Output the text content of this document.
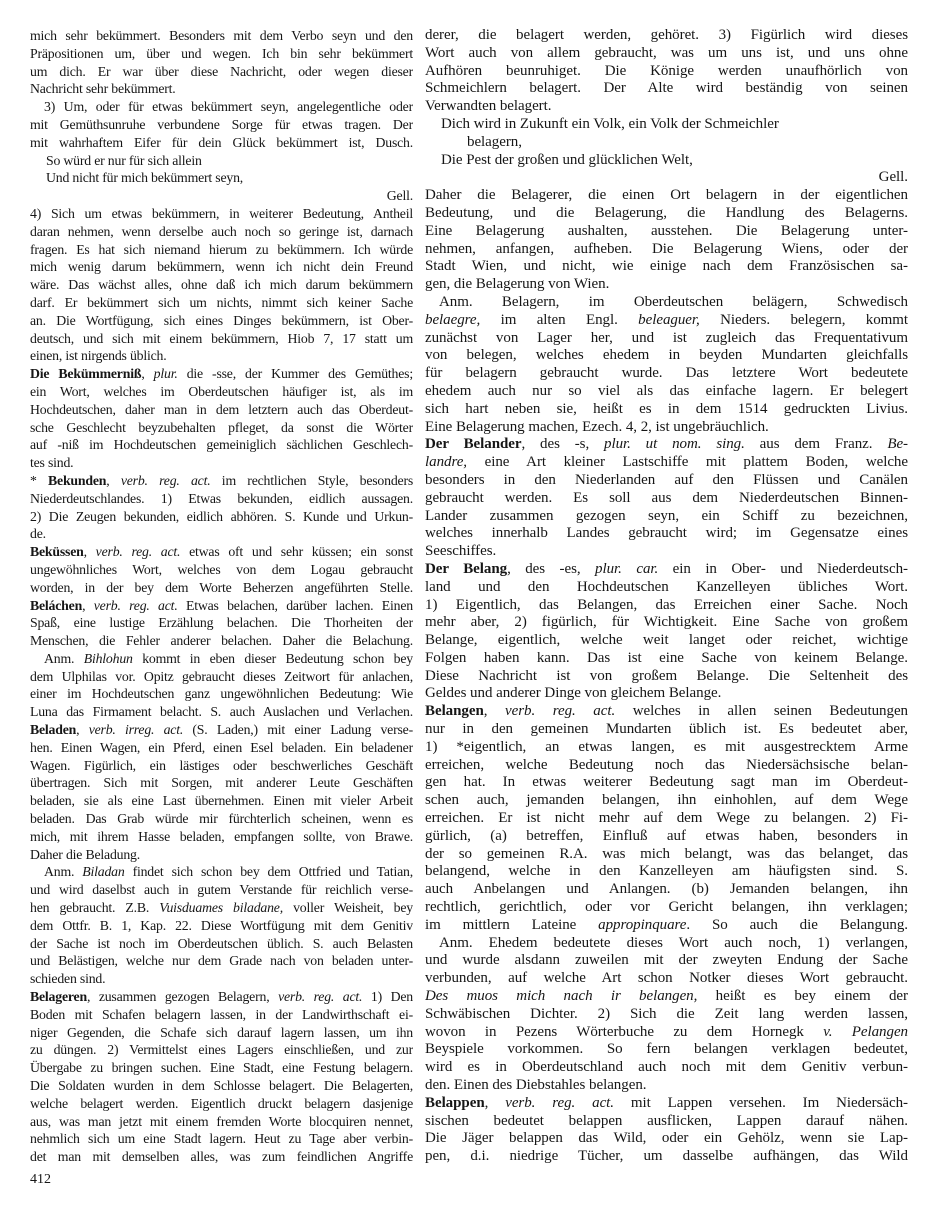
mich sehr bekümmert. Besonders mit dem Verbo seyn und den
Präpositionen um, über und wegen. Ich bin sehr bekümmert
um dich. Er war über diese Nachricht, oder wegen dieser
Nachricht sehr bekümmert.
3) Um, oder für etwas bekümmert seyn, angelegentliche oder
mit Gemüthsunruhe verbundene Sorge für etwas tragen. Der
mit wahrhaftem Eifer für dein Glück bekümmert ist, Dusch.
So würd er nur für sich allein
Und nicht für mich bekümmert seyn,
Gell.
4) Sich um etwas bekümmern, in weiterer Bedeutung, Antheil
daran nehmen, wenn derselbe auch noch so geringe ist, darnach
fragen. Es hat sich niemand hierum zu bekümmern. Ich würde
mich wenig darum bekümmern, wenn ich nicht dein Freund
wäre. Das wächst alles, ohne daß ich mich darum bekümmern
darf. Er bekümmert sich um nichts, nimmt sich keiner Sache
an. Die Wortfügung, sich eines Dinges bekümmern, ist Ober-
deutsch, und sich mit einem bekümmern, Hiob 7, 17 statt um
einen, ist nirgends üblich.
Die Bekümmerniß, plur. die -sse, der Kummer des Gemüthes;
ein Wort, welches im Oberdeutschen häufiger ist, als im
Hochdeutschen, daher man in dem letztern auch das Oberdeut-
sche Geschlecht beyzubehalten pfleget, da sonst die Wörter
auf -niß im Hochdeutschen gemeiniglich sächlichen Geschlech-
tes sind.
* Bekunden, verb. reg. act. im rechtlichen Style, besonders
Niederdeutschlandes. 1) Etwas bekunden, eidlich aussagen.
2) Die Zeugen bekunden, eidlich abhören. S. Kunde und Urkun-
de.
Beküssen, verb. reg. act. etwas oft und sehr küssen; ein sonst
ungewöhnliches Wort, welches von dem Logau gebraucht
worden, in der bey dem Worte Beherzen angeführten Stelle.
Beláchen, verb. reg. act. Etwas belachen, darüber lachen. Einen
Spaß, eine lustige Erzählung belachen. Die Thorheiten der
Menschen, die Fehler anderer belachen. Daher die Belachung.
Anm. Bihlohun kommt in eben dieser Bedeutung schon bey
dem Ulphilas vor. Opitz gebraucht dieses Zeitwort für anlachen,
einer im Hochdeutschen ganz ungewöhnlichen Bedeutung: Wie
Luna das Firmament belacht. S. auch Auslachen und Verlachen.
Beladen, verb. irreg. act. (S. Laden,) mit einer Ladung verse-
hen. Einen Wagen, ein Pferd, einen Esel beladen. Ein beladener
Wagen. Figürlich, ein lästiges oder beschwerliches Geschäft
übertragen. Sich mit Sorgen, mit anderer Leute Geschäften
beladen, sie als eine Last übernehmen. Einen mit vieler Arbeit
beladen. Das Grab würde mir fürchterlich scheinen, wenn es
mich, mit ihrem Hasse beladen, empfangen sollte, von Brawe.
Daher die Beladung.
Anm. Biladan findet sich schon bey dem Ottfried und Tatian,
und wird daselbst auch in gutem Verstande für reichlich verse-
hen gebraucht. Z.B. Vuisduames biladane, voller Weisheit, bey
dem Ottfr. B. 1, Kap. 22. Diese Wortfügung mit dem Genitiv
der Sache ist noch im Oberdeutschen üblich. S. auch Belasten
und Belästigen, welche nur dem Grade nach von beladen unter-
schieden sind.
Belageren, zusammen gezogen Belagern, verb. reg. act. 1) Den
Boden mit Schafen belagern lassen, in der Landwirthschaft ei-
niger Gegenden, die Schafe sich darauf lagern lassen, um ihn
zu düngen. 2) Vermittelst eines Lagers einschließen, und zur
Übergabe zu bringen suchen. Eine Stadt, eine Festung belagern.
Die Soldaten wurden in dem Schlosse belagert. Die Belagerten,
welche belagert werden. Eigentlich druckt belagern dasjenige
aus, was man jetzt mit einem fremden Worte blocquiren nennet,
nehmlich sich um eine Stadt lagern. Heut zu Tage aber verbin-
det man mit demselben alles, was zum feindlichen Angriffe
derer, die belagert werden, gehöret. 3) Figürlich wird dieses
Wort auch von allem gebraucht, was um uns ist, und uns ohne
Aufhören beunruhiget. Die Könige werden unaufhörlich von
Schmeichlern belagert. Der Alte wird beständig von seinen
Verwandten belagert.
Dich wird in Zukunft ein Volk, ein Volk der Schmeichler
belagern,
Die Pest der großen und glücklichen Welt,
Gell.
Daher die Belagerer, die einen Ort belagern in der eigentlichen
Bedeutung, und die Belagerung, die Handlung des Belagerns.
Eine Belagerung aushalten, ausstehen. Die Belagerung unter-
nehmen, anfangen, aufheben. Die Belagerung Wiens, oder der
Stadt Wien, und nicht, wie einige nach dem Französischen sa-
gen, die Belagerung von Wien.
Anm. Belagern, im Oberdeutschen belägern, Schwedisch
belaegre, im alten Engl. beleaguer, Nieders. belegern, kommt
zunächst von Lager her, und ist zugleich das Frequentativum
von belegen, welches ehedem in beyden Mundarten gleichfalls
für belagern gebraucht wurde. Das letztere Wort bedeutete
ehedem auch nur so viel als das einfache lagern. Er belegert
sich hart neben sie, heißt es in dem 1514 gedruckten Livius.
Eine Belagerung machen, Ezech. 4, 2, ist ungebräuchlich.
Der Belander, des -s, plur. ut nom. sing. aus dem Franz. Be-
landre, eine Art kleiner Lastschiffe mit plattem Boden, welche
besonders in den Niederlanden auf den Flüssen und Canälen
gebraucht werden. Es soll aus dem Niederdeutschen Binnen-
Lander zusammen gezogen seyn, ein Schiff zu bezeichnen,
welches innerhalb Landes gebraucht wird; im Gegensatze eines
Seeschiffes.
Der Belang, des -es, plur. car. ein in Ober- und Niederdeutsch-
land und den Hochdeutschen Kanzelleyen übliches Wort.
1) Eigentlich, das Belangen, das Erreichen einer Sache. Noch
mehr aber, 2) figürlich, für Wichtigkeit. Eine Sache von großem
Belange, eigentlich, welche weit langet oder reichet, wichtige
Folgen haben kann. Das ist eine Sache von keinem Belange.
Diese Nachricht ist von großem Belange. Die Seltenheit des
Geldes und anderer Dinge von gleichem Belange.
Belangen, verb. reg. act. welches in allen seinen Bedeutungen
nur in den gemeinen Mundarten üblich ist. Es bedeutet aber,
1) *eigentlich, an etwas langen, es mit ausgestrecktem Arme
erreichen, welche Bedeutung noch das Niedersächsische belan-
gen hat. In etwas weiterer Bedeutung sagt man im Oberdeut-
schen auch, jemanden belangen, ihn einhohlen, auf dem Wege
erreichen. Er ist nicht mehr auf dem Wege zu belangen. 2) Fi-
gürlich, (a) betreffen, Einfluß auf etwas haben, besonders in
der so gemeinen R.A. was mich belangt, was das belanget, das
belangend, welche in den Kanzelleyen am häufigsten sind. S.
auch Anbelangen und Anlangen. (b) Jemanden belangen, ihn
rechtlich, gerichtlich, oder vor Gericht belangen, ihn verklagen;
im mittlern Lateine appropinquare. So auch die Belangung.
Anm. Ehedem bedeutete dieses Wort auch noch, 1) verlangen,
und wurde alsdann zuweilen mit der zweyten Endung der Sache
verbunden, auf welche Art schon Notker dieses Wort gebraucht.
Des muos mich nach ir belangen, heißt es bey einem der
Schwäbischen Dichter. 2) Sich die Zeit lang werden lassen,
wovon in Pezens Wörterbuche zu dem Hornegk v. Pelangen
Beyspiele vorkommen. So fern belangen verklagen bedeutet,
wird es in Oberdeutschland auch noch mit dem Genitiv verbun-
den. Einen des Diebstahles belangen.
Belappen, verb. reg. act. mit Lappen versehen. Im Niedersäch-
sischen bedeutet belappen ausflicken, Lappen darauf nähen.
Die Jäger belappen das Wild, oder ein Gehölz, wenn sie Lap-
pen, d.i. niedrige Tücher, um dasselbe aufhängen, das Wild
412
